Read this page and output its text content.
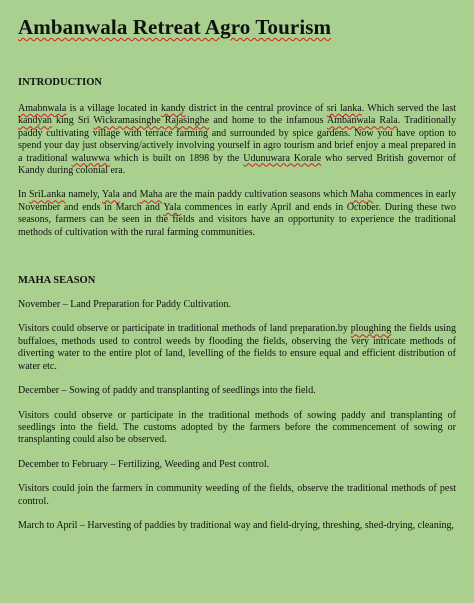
Ambanwala Retreat Agro Tourism
INTRODUCTION

Amabnwala is a village located in kandy district in the central province of sri lanka. Which served the last kandyan king Sri Wickramasinghe Rajasinghe and home to the infamous Ambanwala Rala. Traditionally paddy cultivating village with terrace farming and surrounded by spice gardens. Now you have option to spend your day just observing/actively involving yourself in agro tourism and brief enjoy a meal prepared in a traditional waluwwa which is built on 1898 by the Udunuwara Korale who served British governor of Kandy during colonial era.

In SriLanka namely, Yala and Maha are the main paddy cultivation seasons which Maha commences in early November and ends in March and Yala commences in early April and ends in October. During these two seasons, farmers can be seen in the fields and visitors have an opportunity to experience the traditional methods of cultivation with the rural farming communities.

MAHA SEASON

November – Land Preparation for Paddy Cultivation.

Visitors could observe or participate in traditional methods of land preparation.by ploughing the fields using buffaloes, methods used to control weeds by flooding the fields, observing the very intricate methods of diverting water to the entire plot of land, levelling of the fields to ensure equal and efficient distribution of water etc.

December – Sowing of paddy and transplanting of seedlings into the field.

Visitors could observe or participate in the traditional methods of sowing paddy and transplanting of seedlings into the field. The customs adopted by the farmers before the commencement of sowing or transplanting could also be observed.

December to February – Fertilizing, Weeding and Pest control.

Visitors could join the farmers in community weeding of the fields, observe the traditional methods of pest control.

March to April – Harvesting of paddies by traditional way and field-drying, threshing, shed-drying, cleaning,
